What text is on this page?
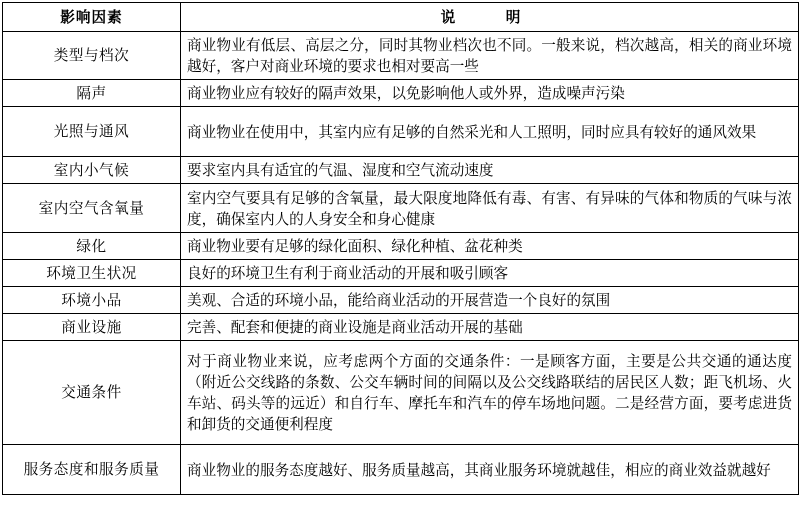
影响因素	说　明
类型与档次	商业物业有低层、高层之分，同时其物业档次也不同。一般来说，档次越高，相关的商业环境越好，客户对商业环境的要求也相对要高一些
隔声	商业物业应有较好的隔声效果，以免影响他人或外界，造成噪声污染
光照与通风	商业物业在使用中，其室内应有足够的自然采光和人工照明，同时应具有较好的通风效果
室内小气候	要求室内具有适宜的气温、湿度和空气流动速度
室内空气含氧量	室内空气要具有足够的含氧量，最大限度地降低有毒、有害、有异味的气体和物质的气味与浓度，确保室内人的人身安全和身心健康
绿化	商业物业要有足够的绿化面积、绿化种植、盆花种类
环境卫生状况	良好的环境卫生有利于商业活动的开展和吸引顾客
环境小品	美观、合适的环境小品，能给商业活动的开展营造一个良好的氛围
商业设施	完善、配套和便捷的商业设施是商业活动开展的基础
交通条件	对于商业物业来说，应考虑两个方面的交通条件：一是顾客方面，主要是公共交通的通达度（附近公交线路的条数、公交车辆时间的间隔以及公交线路联结的居民区人数；距飞机场、火车站、码头等的远近）和自行车、摩托车和汽车的停车场地问题。二是经营方面，要考虑进货和卸货的交通便利程度
服务态度和服务质量	商业物业的服务态度越好、服务质量越高，其商业服务环境就越佳，相应的商业效益就越好
